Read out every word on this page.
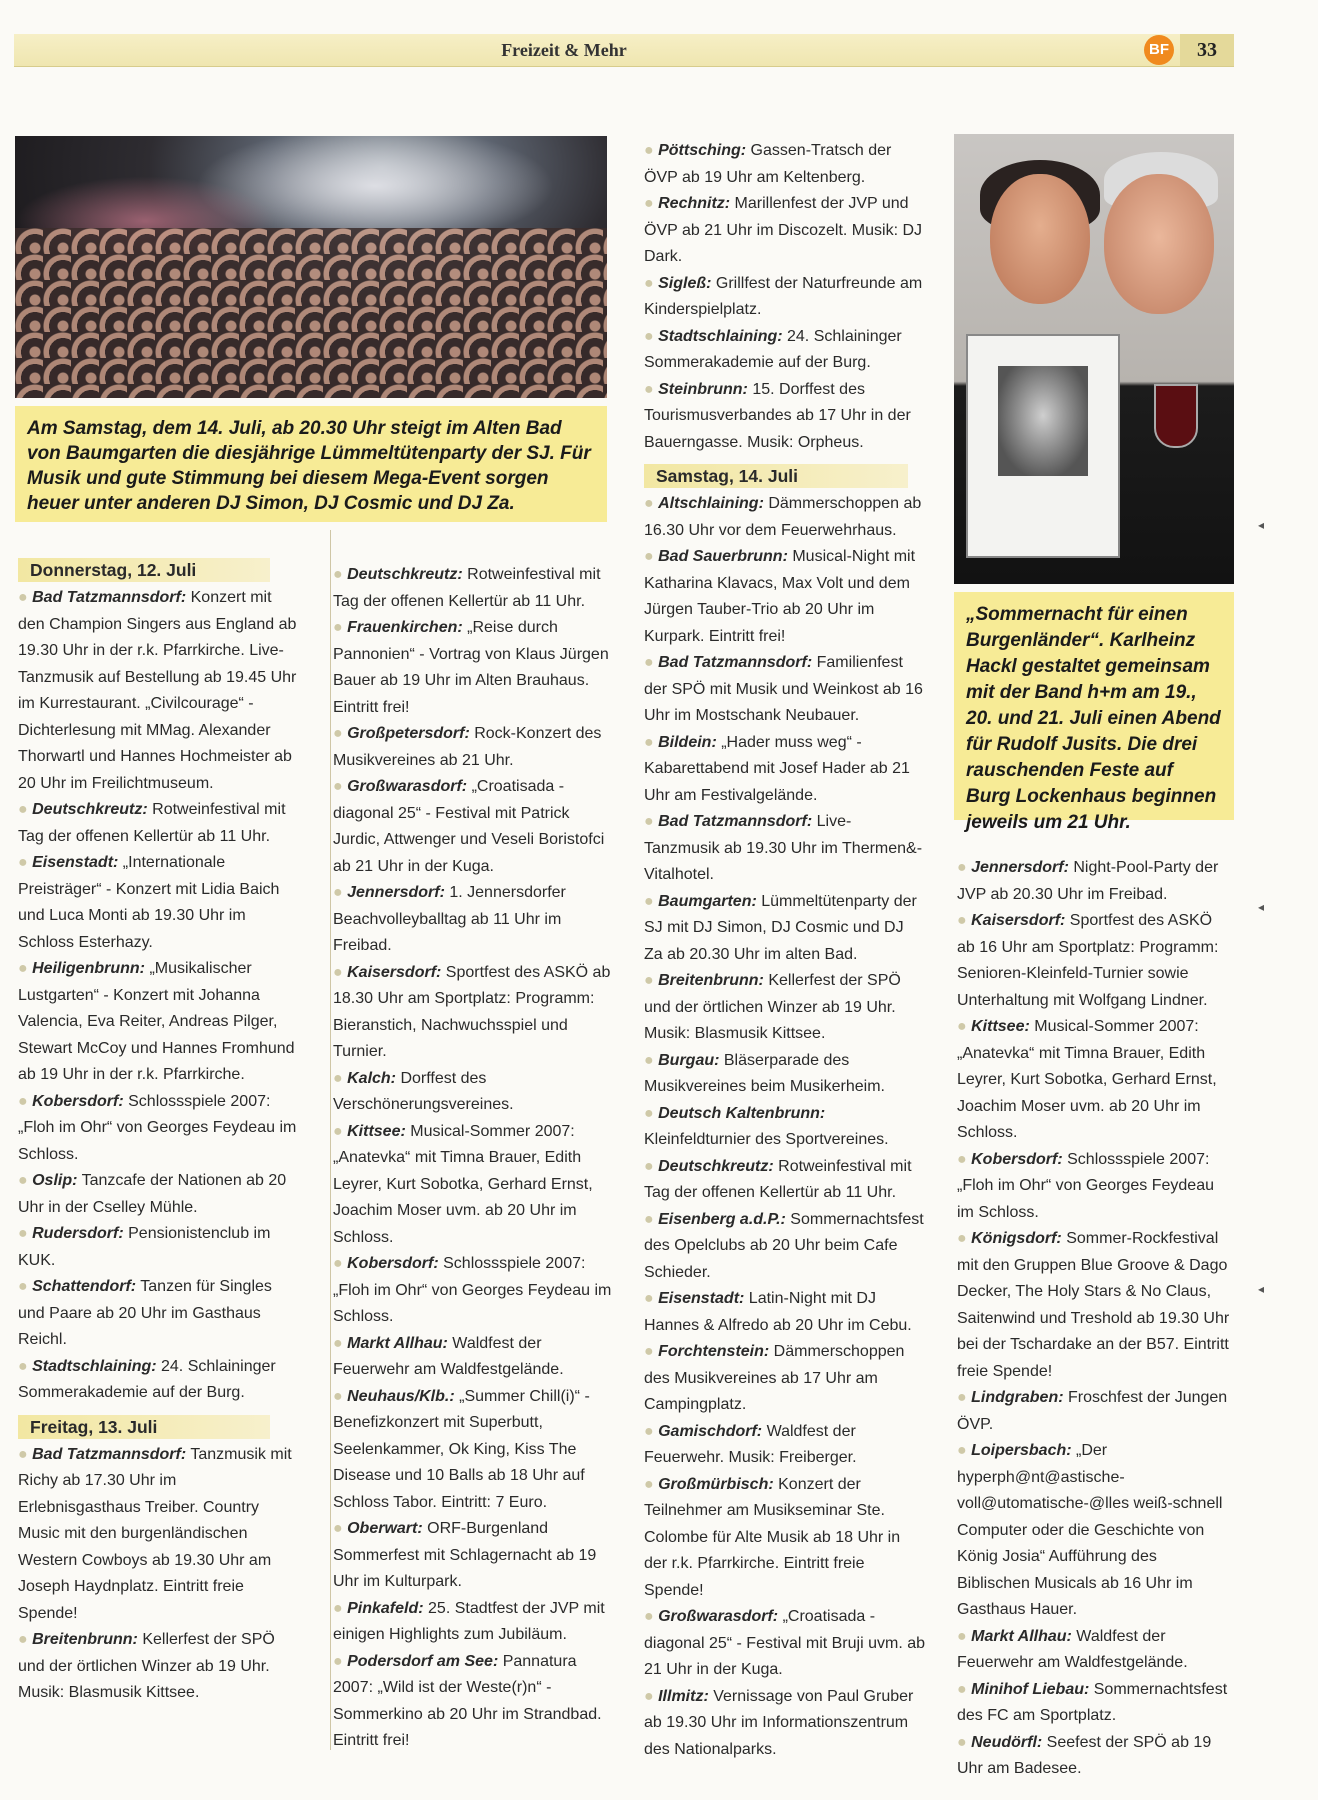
Freizeit & Mehr	BF	33
Am Samstag, dem 14. Juli, ab 20.30 Uhr steigt im Alten Bad von Baumgarten die diesjährige Lümmeltütenparty der SJ. Für Musik und gute Stimmung bei diesem Mega-Event sorgen heuer unter anderen DJ Simon, DJ Cosmic und DJ Za.
„Sommernacht für einen Burgenländer“. Karlheinz Hackl gestaltet gemeinsam mit der Band h+m am 19., 20. und 21. Juli einen Abend für Rudolf Jusits. Die drei rauschenden Feste auf Burg Lockenhaus beginnen jeweils um 21 Uhr.
Donnerstag, 12. Juli
● Bad Tatzmannsdorf: Konzert mit den Champion Singers aus England ab 19.30 Uhr in der r.k. Pfarrkirche. Live-Tanzmusik auf Bestellung ab 19.45 Uhr im Kurrestaurant. „Civilcourage“ - Dichterlesung mit MMag. Alexander Thorwartl und Hannes Hochmeister ab 20 Uhr im Freilichtmuseum.
● Deutschkreutz: Rotweinfestival mit Tag der offenen Kellertür ab 11 Uhr.
● Eisenstadt: „Internationale Preisträger“ - Konzert mit Lidia Baich und Luca Monti ab 19.30 Uhr im Schloss Esterhazy.
● Heiligenbrunn: „Musikalischer Lustgarten“ - Konzert mit Johanna Valencia, Eva Reiter, Andreas Pilger, Stewart McCoy und Hannes Fromhund ab 19 Uhr in der r.k. Pfarrkirche.
● Kobersdorf: Schlossspiele 2007: „Floh im Ohr“ von Georges Feydeau im Schloss.
● Oslip: Tanzcafe der Nationen ab 20 Uhr in der Cselley Mühle.
● Rudersdorf: Pensionistenclub im KUK.
● Schattendorf: Tanzen für Singles und Paare ab 20 Uhr im Gasthaus Reichl.
● Stadtschlaining: 24. Schlaininger Sommerakademie auf der Burg.
Freitag, 13. Juli
● Bad Tatzmannsdorf: Tanzmusik mit Richy ab 17.30 Uhr im Erlebnisgasthaus Treiber. Country Music mit den burgenländischen Western Cowboys ab 19.30 Uhr am Joseph Haydnplatz. Eintritt freie Spende!
● Breitenbrunn: Kellerfest der SPÖ und der örtlichen Winzer ab 19 Uhr. Musik: Blasmusik Kittsee.
● Deutschkreutz: Rotweinfestival mit Tag der offenen Kellertür ab 11 Uhr.
● Frauenkirchen: „Reise durch Pannonien“ - Vortrag von Klaus Jürgen Bauer ab 19 Uhr im Alten Brauhaus. Eintritt frei!
● Großpetersdorf: Rock-Konzert des Musikvereines ab 21 Uhr.
● Großwarasdorf: „Croatisada - diagonal 25“ - Festival mit Patrick Jurdic, Attwenger und Veseli Boristofci ab 21 Uhr in der Kuga.
● Jennersdorf: 1. Jennersdorfer Beachvolleyballtag ab 11 Uhr im Freibad.
● Kaisersdorf: Sportfest des ASKÖ ab 18.30 Uhr am Sportplatz: Programm: Bieranstich, Nachwuchsspiel und Turnier.
● Kalch: Dorffest des Verschönerungsvereines.
● Kittsee: Musical-Sommer 2007: „Anatevka“ mit Timna Brauer, Edith Leyrer, Kurt Sobotka, Gerhard Ernst, Joachim Moser uvm. ab 20 Uhr im Schloss.
● Kobersdorf: Schlossspiele 2007: „Floh im Ohr“ von Georges Feydeau im Schloss.
● Markt Allhau: Waldfest der Feuerwehr am Waldfestgelände.
● Neuhaus/Klb.: „Summer Chill(i)“ - Benefizkonzert mit Superbutt, Seelenkammer, Ok King, Kiss The Disease und 10 Balls ab 18 Uhr auf Schloss Tabor. Eintritt: 7 Euro.
● Oberwart: ORF-Burgenland Sommerfest mit Schlagernacht ab 19 Uhr im Kulturpark.
● Pinkafeld: 25. Stadtfest der JVP mit einigen Highlights zum Jubiläum.
● Podersdorf am See: Pannatura 2007: „Wild ist der Weste(r)n“ - Sommerkino ab 20 Uhr im Strandbad. Eintritt frei!
● Pöttsching: Gassen-Tratsch der ÖVP ab 19 Uhr am Keltenberg.
● Rechnitz: Marillenfest der JVP und ÖVP ab 21 Uhr im Discozelt. Musik: DJ Dark.
● Sigleß: Grillfest der Naturfreunde am Kinderspielplatz.
● Stadtschlaining: 24. Schlaininger Sommerakademie auf der Burg.
● Steinbrunn: 15. Dorffest des Tourismusverbandes ab 17 Uhr in der Bauerngasse. Musik: Orpheus.
Samstag, 14. Juli
● Altschlaining: Dämmerschoppen ab 16.30 Uhr vor dem Feuerwehrhaus.
● Bad Sauerbrunn: Musical-Night mit Katharina Klavacs, Max Volt und dem Jürgen Tauber-Trio ab 20 Uhr im Kurpark. Eintritt frei!
● Bad Tatzmannsdorf: Familienfest der SPÖ mit Musik und Weinkost ab 16 Uhr im Mostschank Neubauer.
● Bildein: „Hader muss weg“ - Kabarettabend mit Josef Hader ab 21 Uhr am Festivalgelände.
● Bad Tatzmannsdorf: Live-Tanzmusik ab 19.30 Uhr im Thermen&-Vitalhotel.
● Baumgarten: Lümmeltütenparty der SJ mit DJ Simon, DJ Cosmic und DJ Za ab 20.30 Uhr im alten Bad.
● Breitenbrunn: Kellerfest der SPÖ und der örtlichen Winzer ab 19 Uhr. Musik: Blasmusik Kittsee.
● Burgau: Bläserparade des Musikvereines beim Musikerheim.
● Deutsch Kaltenbrunn: Kleinfeldturnier des Sportvereines.
● Deutschkreutz: Rotweinfestival mit Tag der offenen Kellertür ab 11 Uhr.
● Eisenberg a.d.P.: Sommernachtsfest des Opelclubs ab 20 Uhr beim Cafe Schieder.
● Eisenstadt: Latin-Night mit DJ Hannes & Alfredo ab 20 Uhr im Cebu.
● Forchtenstein: Dämmerschoppen des Musikvereines ab 17 Uhr am Campingplatz.
● Gamischdorf: Waldfest der Feuerwehr. Musik: Freiberger.
● Großmürbisch: Konzert der Teilnehmer am Musikseminar Ste. Colombe für Alte Musik ab 18 Uhr in der r.k. Pfarrkirche. Eintritt freie Spende!
● Großwarasdorf: „Croatisada - diagonal 25“ - Festival mit Bruji uvm. ab 21 Uhr in der Kuga.
● Illmitz: Vernissage von Paul Gruber ab 19.30 Uhr im Informationszentrum des Nationalparks.
● Jennersdorf: Night-Pool-Party der JVP ab 20.30 Uhr im Freibad.
● Kaisersdorf: Sportfest des ASKÖ ab 16 Uhr am Sportplatz: Programm: Senioren-Kleinfeld-Turnier sowie Unterhaltung mit Wolfgang Lindner.
● Kittsee: Musical-Sommer 2007: „Anatevka“ mit Timna Brauer, Edith Leyrer, Kurt Sobotka, Gerhard Ernst, Joachim Moser uvm. ab 20 Uhr im Schloss.
● Kobersdorf: Schlossspiele 2007: „Floh im Ohr“ von Georges Feydeau im Schloss.
● Königsdorf: Sommer-Rockfestival mit den Gruppen Blue Groove & Dago Decker, The Holy Stars & No Claus, Saitenwind und Treshold ab 19.30 Uhr bei der Tschardake an der B57. Eintritt freie Spende!
● Lindgraben: Froschfest der Jungen ÖVP.
● Loipersbach: „Der hyperph@nt@astische-voll@utomatische-@lles weiß-schnell Computer oder die Geschichte von König Josia“ Aufführung des Biblischen Musicals ab 16 Uhr im Gasthaus Hauer.
● Markt Allhau: Waldfest der Feuerwehr am Waldfestgelände.
● Minihof Liebau: Sommernachtsfest des FC am Sportplatz.
● Neudörfl: Seefest der SPÖ ab 19 Uhr am Badesee.
◂
◂
◂
